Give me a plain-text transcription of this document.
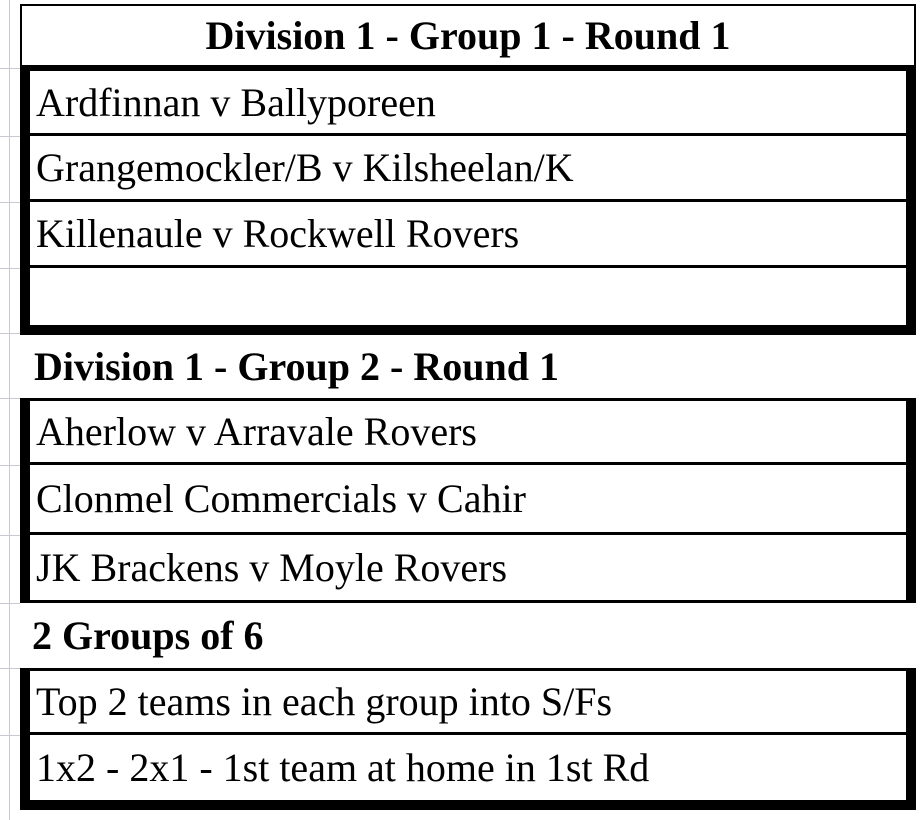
Division 1 - Group 1 - Round 1
Ardfinnan v Ballyporeen
Grangemockler/B v Kilsheelan/K
Killenaule v Rockwell Rovers
Division 1 - Group 2 - Round 1
Aherlow v Arravale Rovers
Clonmel Commercials v Cahir
JK Brackens v Moyle Rovers
2 Groups of 6
Top 2 teams in each group into S/Fs
1x2 - 2x1 - 1st team at home in 1st Rd
